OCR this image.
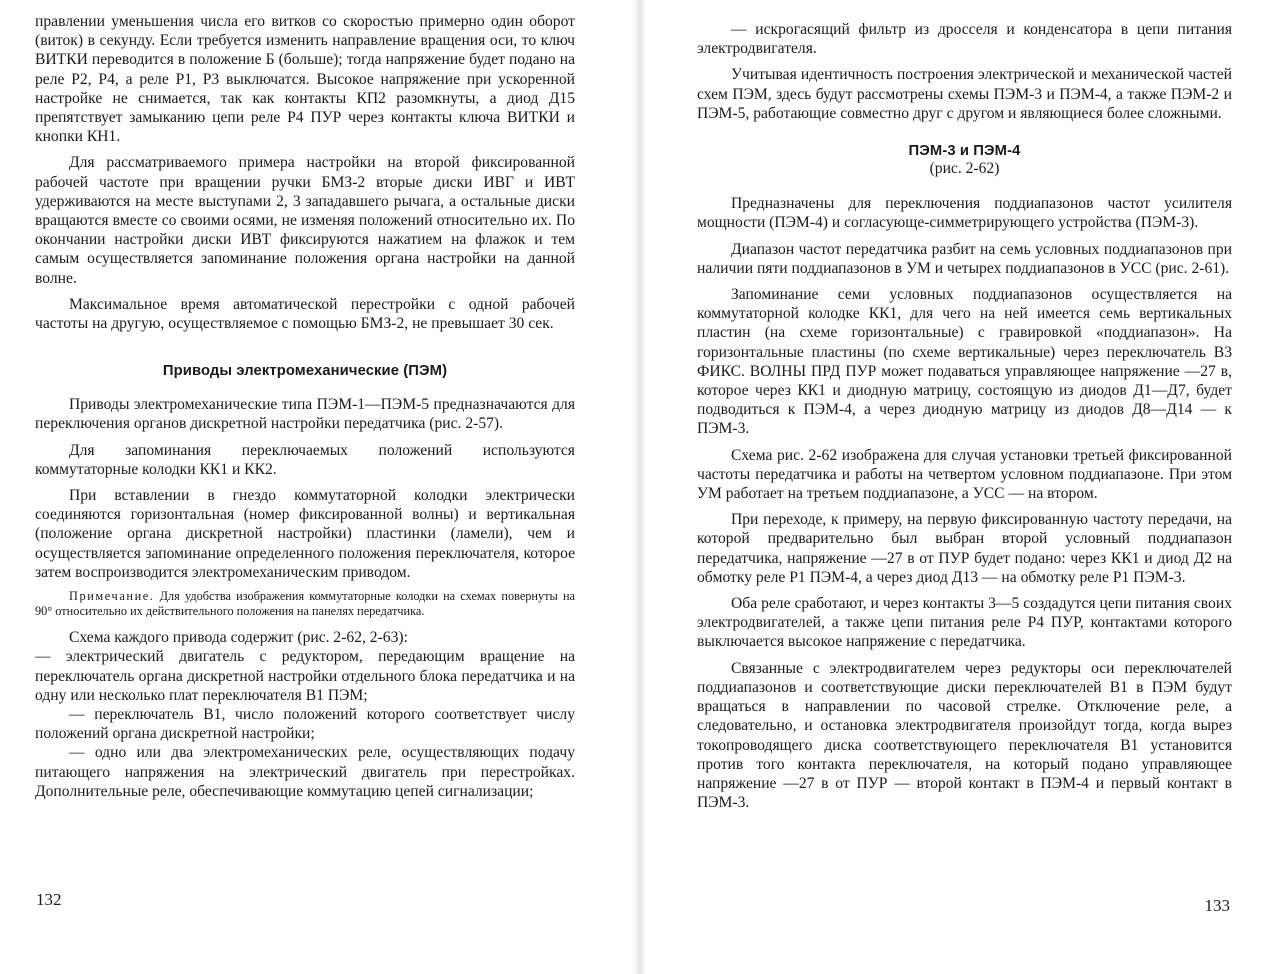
правлении уменьшения числа его витков со скоростью примерно один оборот (виток) в секунду. Если требуется изменить направление вращения оси, то ключ ВИТКИ переводится в положение Б (больше); тогда напряжение будет подано на реле Р2, Р4, а реле Р1, Р3 выключатся. Высокое напряжение при ускоренной настройке не снимается, так как контакты КП2 разомкнуты, а диод Д15 препятствует замыканию цепи реле Р4 ПУР через контакты ключа ВИТКИ и кнопки КН1.

Для рассматриваемого примера настройки на второй фиксированной рабочей частоте при вращении ручки БМЗ-2 вторые диски ИВГ и ИВТ удерживаются на месте выступами 2, 3 западавшего рычага, а остальные диски вращаются вместе со своими осями, не изменяя положений относительно их. По окончании настройки диски ИВТ фиксируются нажатием на флажок и тем самым осуществляется запоминание положения органа настройки на данной волне.

Максимальное время автоматической перестройки с одной рабочей частоты на другую, осуществляемое с помощью БМЗ-2, не превышает 30 сек.

Приводы электромеханические (ПЭМ)

Приводы электромеханические типа ПЭМ-1—ПЭМ-5 предназначаются для переключения органов дискретной настройки передатчика (рис. 2-57).

Для запоминания переключаемых положений используются коммутаторные колодки КК1 и КК2.

При вставлении в гнездо коммутаторной колодки электрически соединяются горизонтальная (номер фиксированной волны) и вертикальная (положение органа дискретной настройки) пластинки (ламели), чем и осуществляется запоминание определенного положения переключателя, которое затем воспроизводится электромеханическим приводом.

Примечание. Для удобства изображения коммутаторные колодки на схемах повернуты на 90° относительно их действительного положения на панелях передатчика.

Схема каждого привода содержит (рис. 2-62, 2-63):

— электрический двигатель с редуктором, передающим вращение на переключатель органа дискретной настройки отдельного блока передатчика и на одну или несколько плат переключателя В1 ПЭМ;

— переключатель В1, число положений которого соответствует числу положений органа дискретной настройки;

— одно или два электромеханических реле, осуществляющих подачу питающего напряжения на электрический двигатель при перестройках. Дополнительные реле, обеспечивающие коммутацию цепей сигнализации;

132

— искрогасящий фильтр из дросселя и конденсатора в цепи питания электродвигателя.

Учитывая идентичность построения электрической и механической частей схем ПЭМ, здесь будут рассмотрены схемы ПЭМ-3 и ПЭМ-4, а также ПЭМ-2 и ПЭМ-5, работающие совместно друг с другом и являющиеся более сложными.

ПЭМ-3 и ПЭМ-4

(рис. 2-62)

Предназначены для переключения поддиапазонов частот усилителя мощности (ПЭМ-4) и согласующе-симметрирующего устройства (ПЭМ-3).

Диапазон частот передатчика разбит на семь условных поддиапазонов при наличии пяти поддиапазонов в УМ и четырех поддиапазонов в УСС (рис. 2-61).

Запоминание семи условных поддиапазонов осуществляется на коммутаторной колодке КК1, для чего на ней имеется семь вертикальных пластин (на схеме горизонтальные) с гравировкой «поддиапазон». На горизонтальные пластины (по схеме вертикальные) через переключатель В3 ФИКС. ВОЛНЫ ПРД ПУР может подаваться управляющее напряжение —27 в, которое через КК1 и диодную матрицу, состоящую из диодов Д1—Д7, будет подводиться к ПЭМ-4, а через диодную матрицу из диодов Д8—Д14 — к ПЭМ-3.

Схема рис. 2-62 изображена для случая установки третьей фиксированной частоты передатчика и работы на четвертом условном поддиапазоне. При этом УМ работает на третьем поддиапазоне, а УСС — на втором.

При переходе, к примеру, на первую фиксированную частоту передачи, на которой предварительно был выбран второй условный поддиапазон передатчика, напряжение —27 в от ПУР будет подано: через КК1 и диод Д2 на обмотку реле Р1 ПЭМ-4, а через диод Д13 — на обмотку реле Р1 ПЭМ-3.

Оба реле сработают, и через контакты 3—5 создадутся цепи питания своих электродвигателей, а также цепи питания реле Р4 ПУР, контактами которого выключается высокое напряжение с передатчика.

Связанные с электродвигателем через редукторы оси переключателей поддиапазонов и соответствующие диски переключателей В1 в ПЭМ будут вращаться в направлении по часовой стрелке. Отключение реле, а следовательно, и остановка электродвигателя произойдут тогда, когда вырез токопроводящего диска соответствующего переключателя В1 установится против того контакта переключателя, на который подано управляющее напряжение —27 в от ПУР — второй контакт в ПЭМ-4 и первый контакт в ПЭМ-3.

133
